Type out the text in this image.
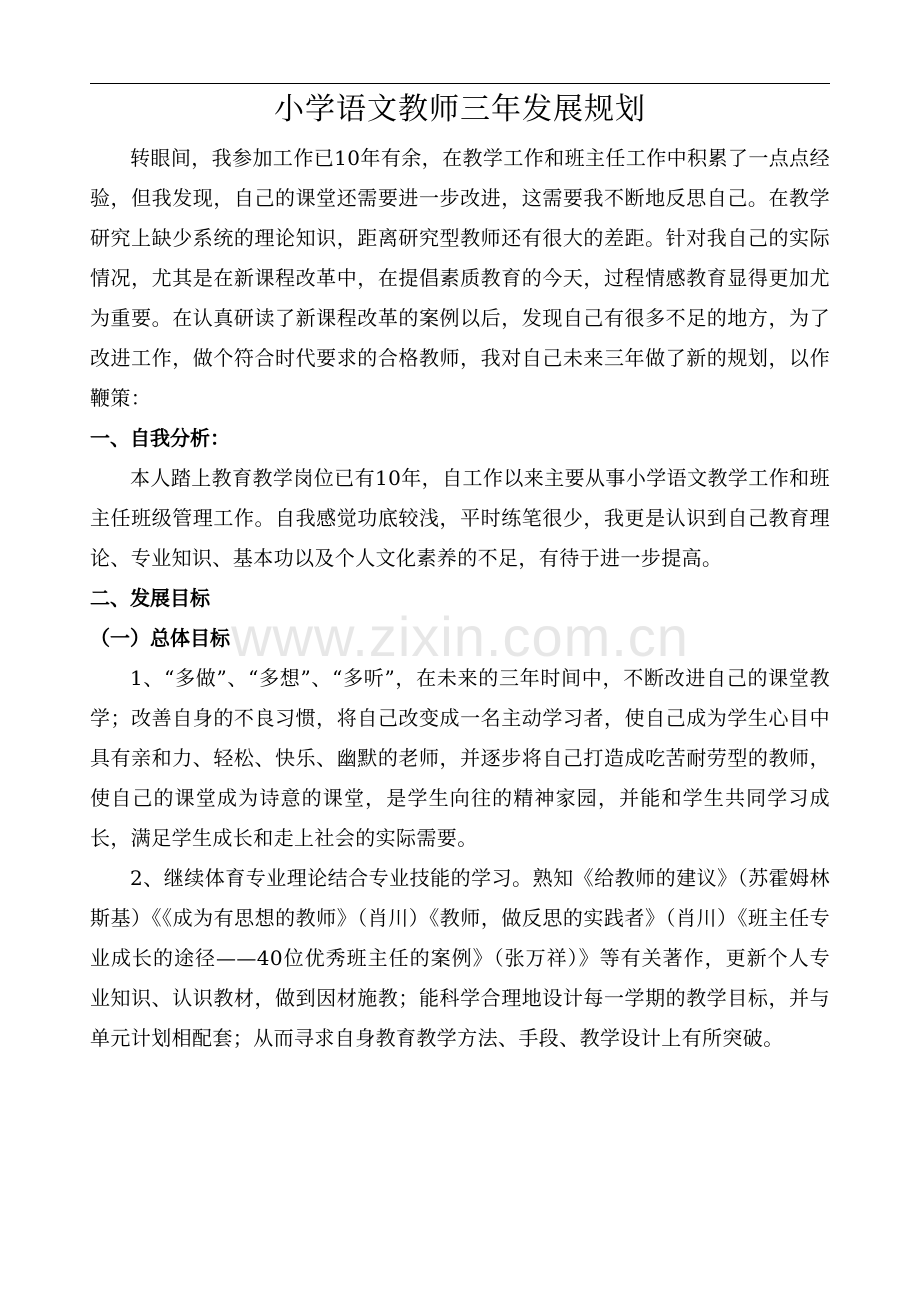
小学语文教师三年发展规划

转眼间，我参加工作已10年有余，在教学工作和班主任工作中积累了一点点经验，但我发现，自己的课堂还需要进一步改进，这需要我不断地反思自己。在教学研究上缺少系统的理论知识，距离研究型教师还有很大的差距。针对我自己的实际情况，尤其是在新课程改革中，在提倡素质教育的今天，过程情感教育显得更加尤为重要。在认真研读了新课程改革的案例以后，发现自己有很多不足的地方，为了改进工作，做个符合时代要求的合格教师，我对自己未来三年做了新的规划，以作鞭策：

一、自我分析：

本人踏上教育教学岗位已有10年，自工作以来主要从事小学语文教学工作和班主任班级管理工作。自我感觉功底较浅，平时练笔很少，我更是认识到自己教育理论、专业知识、基本功以及个人文化素养的不足，有待于进一步提高。

二、发展目标

（一）总体目标

1、“多做”、“多想”、“多听”，在未来的三年时间中，不断改进自己的课堂教学；改善自身的不良习惯，将自己改变成一名主动学习者，使自己成为学生心目中具有亲和力、轻松、快乐、幽默的老师，并逐步将自己打造成吃苦耐劳型的教师，使自己的课堂成为诗意的课堂，是学生向往的精神家园，并能和学生共同学习成长，满足学生成长和走上社会的实际需要。

2、继续体育专业理论结合专业技能的学习。熟知《给教师的建议》（苏霍姆林斯基）《《成为有思想的教师》（肖川）《教师，做反思的实践者》（肖川）《班主任专业成长的途径——40位优秀班主任的案例》（张万祥）》等有关著作，更新个人专业知识、认识教材，做到因材施教；能科学合理地设计每一学期的教学目标，并与单元计划相配套；从而寻求自身教育教学方法、手段、教学设计上有所突破。

www.zixin.com.cn
